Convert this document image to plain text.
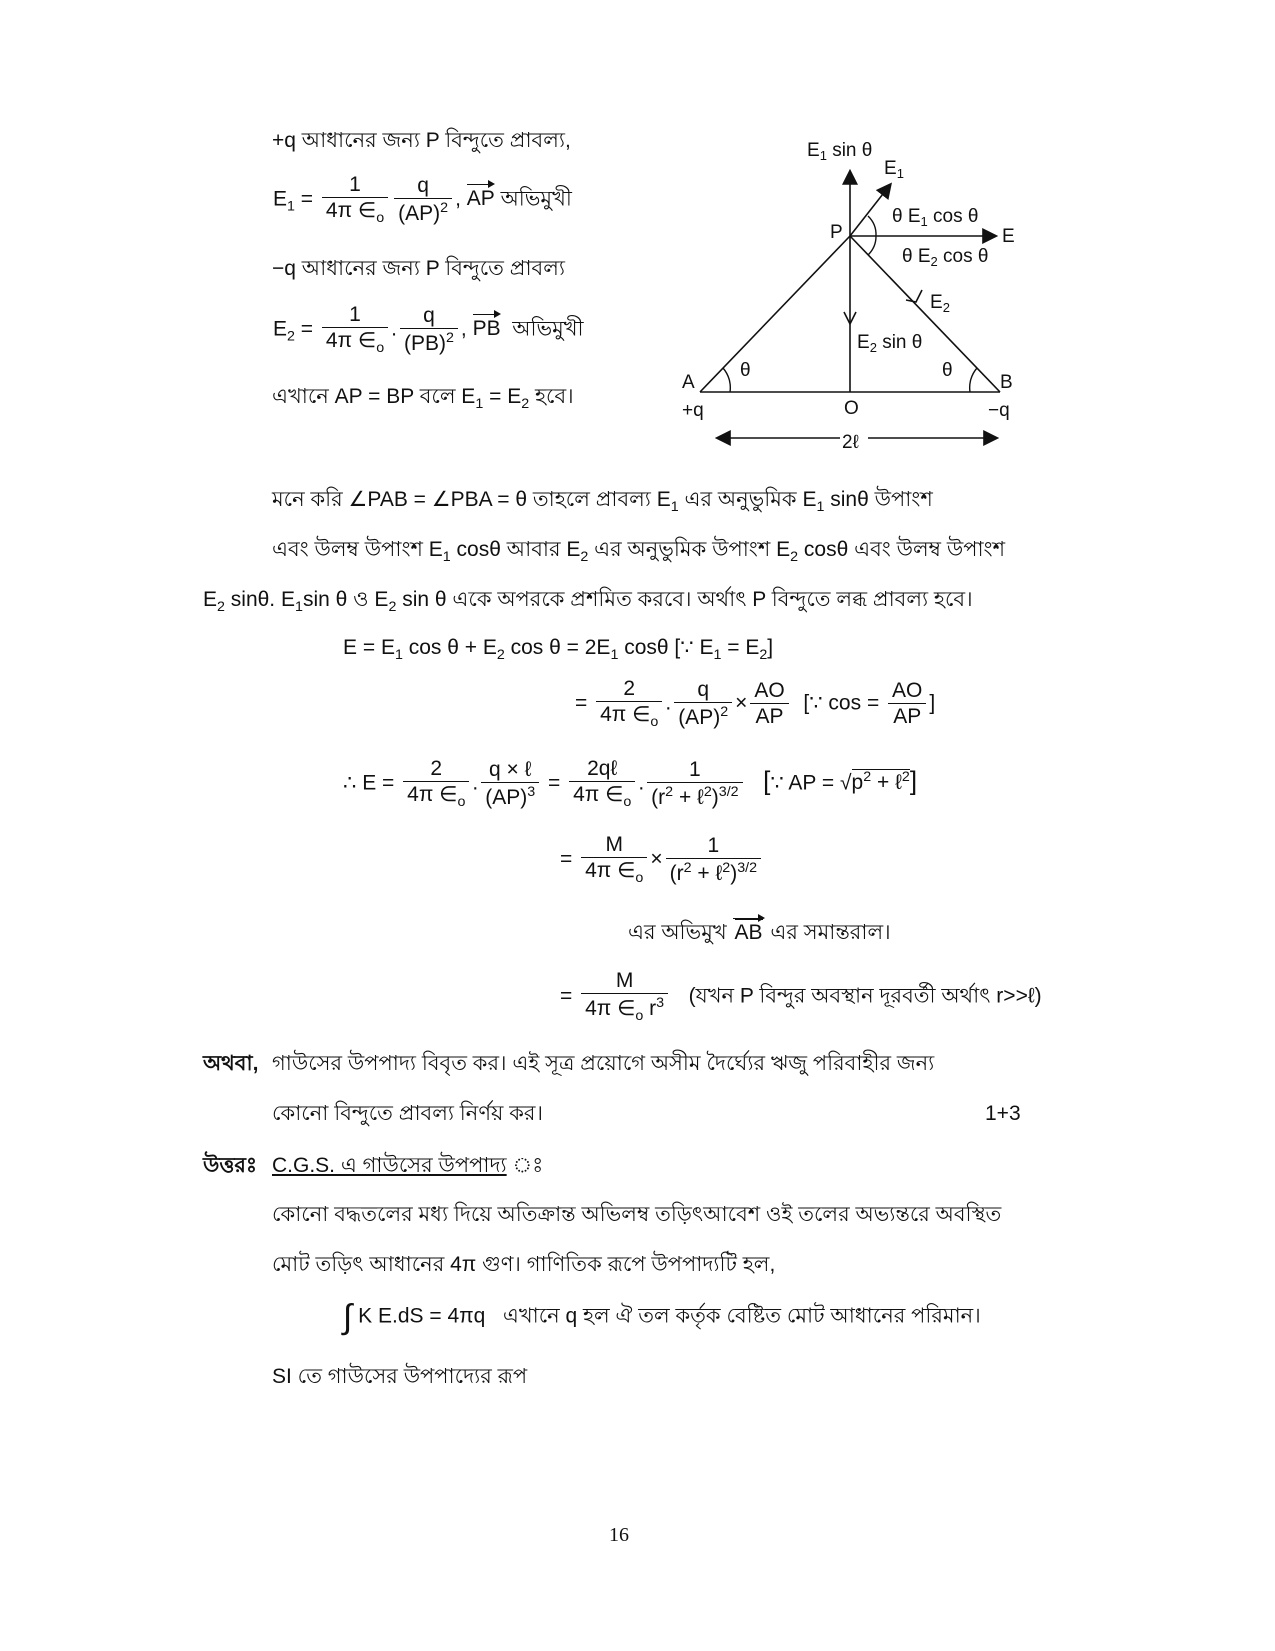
+q আধানের জন্য P বিন্দুতে প্রাবল্য,
$E_1 = \frac{1}{4\pi \in_o} \frac{q}{(AP)^2}$ , AP অভিমুখী
−q আধানের জন্য P বিন্দুতে প্রাবল্য
$E_2 = \frac{1}{4\pi \in_o}$ . $\frac{q}{(PB)^2}$ , PB অভিমুখী
এখানে AP = BP বলে $E_1 = E_2$ হবে।
$E_1$ sin θ
$E_1$
P
θ $E_1$ cos θ
E
θ $E_2$ cos θ
$E_2$
$E_2$ sin θ
A	B
θ	θ
+q	O	−q
2ℓ
মনে করি ∠PAB = ∠PBA = θ তাহলে প্রাবল্য $E_1$ এর অনুভুমিক $E_1$ sinθ উপাংশ
এবং উলম্ব উপাংশ $E_1$ cosθ আবার $E_2$ এর অনুভুমিক উপাংশ $E_2$ cosθ এবং উলম্ব উপাংশ
$E_2$ sinθ. $E_1\sin$ θ ও $E_2$ sin θ একে অপরকে প্রশমিত করবে। অর্থাৎ P বিন্দুতে লব্ধ প্রাবল্য হবে।
$E = E_1$ $\cos \theta + E_2$ $\cos \theta = 2E_1$ cosθ [∵ $E_1 = E_2$]
= $\frac{2}{4\pi \in_o}$ . $\frac{q}{(AP)^2} \times \frac{AO}{AP}$ [∵ $\cos = \frac{AO}{AP}$ ]
∴ $E = \frac{2}{4\pi \in_o}$ . $\frac{\text{q × ℓ}}{(AP)^3} = \frac{\text{2qℓ}}{4\pi \in_o}$ . $\frac{1}{(r^2 + \ell^2)^{3/2}}$ [∵ AP = $√p^2$ + ℓ$^2$]
= $\frac{M}{4\pi \in_o} \times \frac{1}{(r^2 + \ell^2)^{3/2}}$
এর অভিমুখ AB এর সমান্তরাল।
= $\frac{M}{4\pi \in_o r^3}$ (যখন P বিন্দুর অবস্থান দূরবর্তী অর্থাৎ r>>ℓ)
অথবা, গাউসের উপপাদ্য বিবৃত কর। এই সূত্র প্রয়োগে অসীম দৈর্ঘ্যের ঋজু পরিবাহীর জন্য
কোনো বিন্দুতে প্রাবল্য নির্ণয় কর।	1+3
উত্তরঃ C.G.S. এ গাউসের উপপাদ্য ঃ
কোনো বদ্ধতলের মধ্য দিয়ে অতিক্রান্ত অভিলম্ব তড়িৎআবেশ ওই তলের অভ্যন্তরে অবস্থিত
মোট তড়িৎ আধানের 4π গুণ। গাণিতিক রূপে উপপাদ্যটি হল,
∫ K E.dS = 4πq এখানে q হল ঐ তল কর্তৃক বেষ্টিত মোট আধানের পরিমান।
SI তে গাউসের উপপাদ্যের রূপ
16
